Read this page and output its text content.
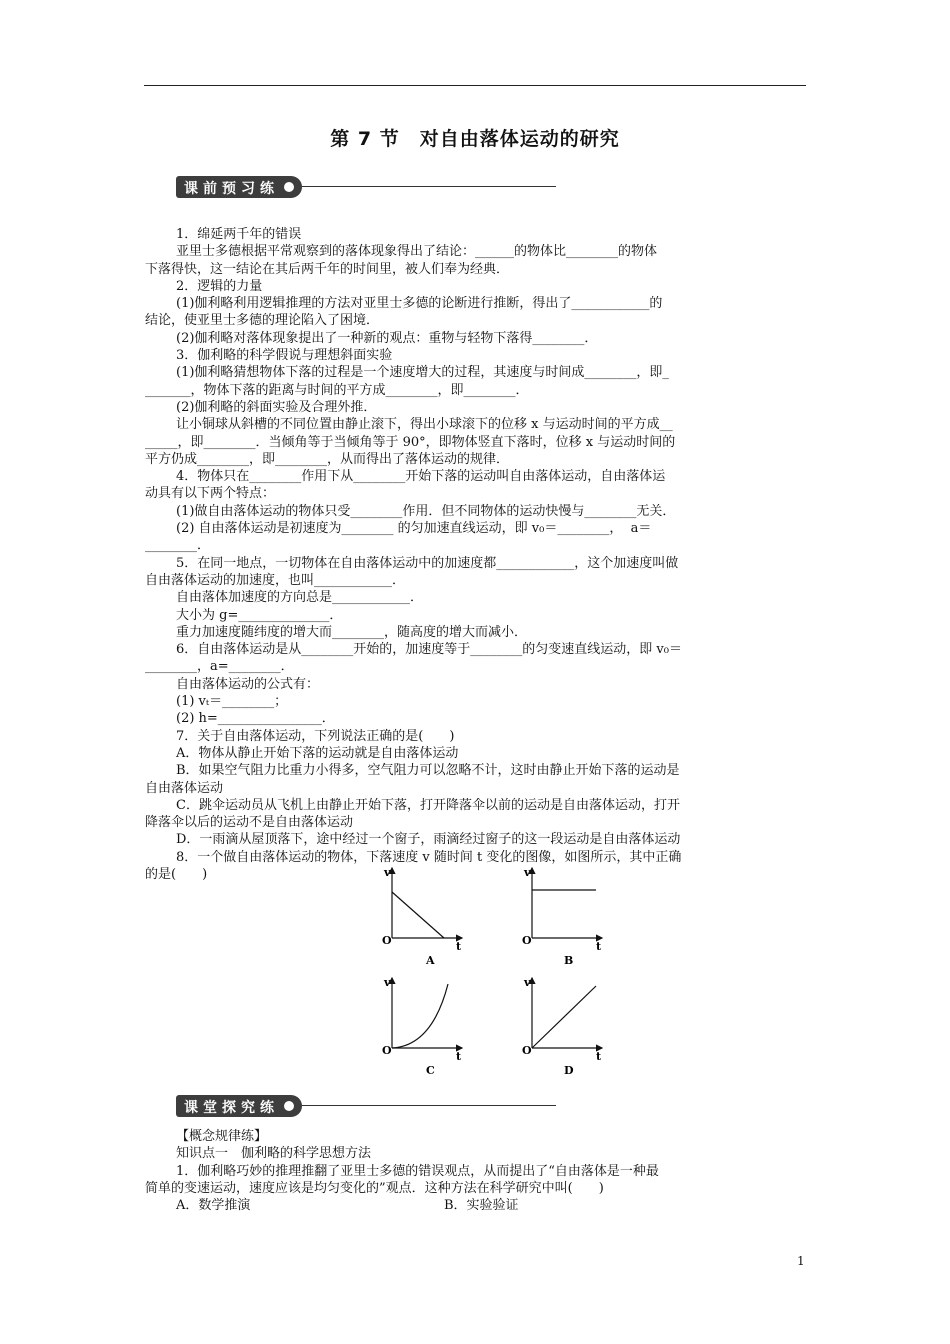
第 7 节　对自由落体运动的研究
课前预习练

1．绵延两千年的错误

亚里士多德根据平常观察到的落体现象得出了结论：______的物体比________的物体

下落得快，这一结论在其后两千年的时间里，被人们奉为经典．

2．逻辑的力量

(1)伽利略利用逻辑推理的方法对亚里士多德的论断进行推断，得出了____________的

结论，使亚里士多德的理论陷入了困境．

(2)伽利略对落体现象提出了一种新的观点：重物与轻物下落得________．

3．伽利略的科学假说与理想斜面实验

(1)伽利略猜想物体下落的过程是一个速度增大的过程，其速度与时间成________，即_

_______，物体下落的距离与时间的平方成________，即________．

(2)伽利略的斜面实验及合理外推．

让小铜球从斜槽的不同位置由静止滚下，得出小球滚下的位移 x 与运动时间的平方成__

_____，即________．当倾角等于当倾角等于 90°，即物体竖直下落时，位移 x 与运动时间的

平方仍成________，即________，从而得出了落体运动的规律．

4．物体只在________作用下从________开始下落的运动叫自由落体运动，自由落体运

动具有以下两个特点：

(1)做自由落体运动的物体只受________作用．但不同物体的运动快慢与________无关．

(2) 自由落体运动是初速度为________ 的匀加速直线运动，即 v₀＝________，  a＝

________．

5．在同一地点，一切物体在自由落体运动中的加速度都____________，这个加速度叫做

自由落体运动的加速度，也叫____________．

自由落体加速度的方向总是____________．

大小为 g=______________．

重力加速度随纬度的增大而________，随高度的增大而减小．

6．自由落体运动是从________开始的，加速度等于________的匀变速直线运动，即 v₀＝

________，a=________．

自由落体运动的公式有：

(1) vₜ＝________；

(2) h=________________．

7．关于自由落体运动，下列说法正确的是(　　)

A．物体从静止开始下落的运动就是自由落体运动

B．如果空气阻力比重力小得多，空气阻力可以忽略不计，这时由静止开始下落的运动是

自由落体运动

C．跳伞运动员从飞机上由静止开始下落，打开降落伞以前的运动是自由落体运动，打开

降落伞以后的运动不是自由落体运动

D．一雨滴从屋顶落下，途中经过一个窗子，雨滴经过窗子的这一段运动是自由落体运动

8．一个做自由落体运动的物体，下落速度 v 随时间 t 变化的图像，如图所示，其中正确

的是(　　)	v
t
O
A
v
t
O
B
v
t
O
C
v
t
O
D
课堂探究练

【概念规律练】

知识点一　伽利略的科学思想方法

1．伽利略巧妙的推理推翻了亚里士多德的错误观点，从而提出了“自由落体是一种最

简单的变速运动，速度应该是均匀变化的”观点．这种方法在科学研究中叫(　　)

A．数学推演	B．实验验证
1
